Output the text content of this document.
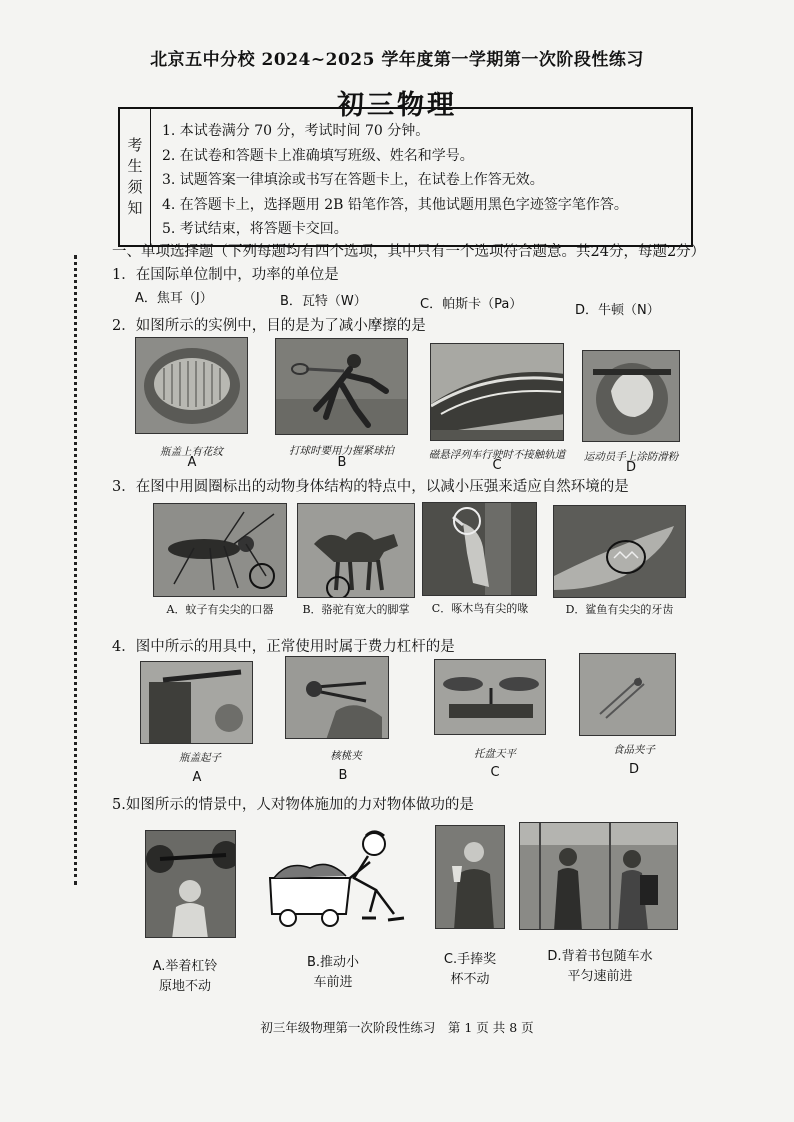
北京五中分校 2024~2025 学年度第一学期第一次阶段性练习
初三物理
考
生
须
知
1. 本试卷满分 70 分，考试时间 70 分钟。
2. 在试卷和答题卡上准确填写班级、姓名和学号。
3. 试题答案一律填涂或书写在答题卡上，在试卷上作答无效。
4. 在答题卡上，选择题用 2B 铅笔作答，其他试题用黑色字迹签字笔作答。
5. 考试结束，将答题卡交回。
一、单项选择题（下列每题均有四个选项，其中只有一个选项符合题意。共24分，每题2分）
1．在国际单位制中，功率的单位是
A．焦耳（J）	B．瓦特（W）	C．帕斯卡（Pa）	D．牛顿（N）
2．如图所示的实例中，目的是为了减小摩擦的是
瓶盖上有花纹	打球时要用力握紧球拍	磁悬浮列车行驶时不接触轨道	运动员手上涂防滑粉
A	B	C	D
3．在图中用圆圈标出的动物身体结构的特点中，以减小压强来适应自然环境的是
A．蚊子有尖尖的口器	B．骆驼有宽大的脚掌	C．啄木鸟有尖的喙	D．鲨鱼有尖尖的牙齿
4．图中所示的用具中，正常使用时属于费力杠杆的是
瓶盖起子	核桃夹	托盘天平	食品夹子
A	B	C	D
5.如图所示的情景中，人对物体施加的力对物体做功的是
A.举着杠铃
原地不动
B.推动小
车前进
C.手捧奖
杯不动
D.背着书包随车水
平匀速前进
初三年级物理第一次阶段性练习　第 1 页 共 8 页
